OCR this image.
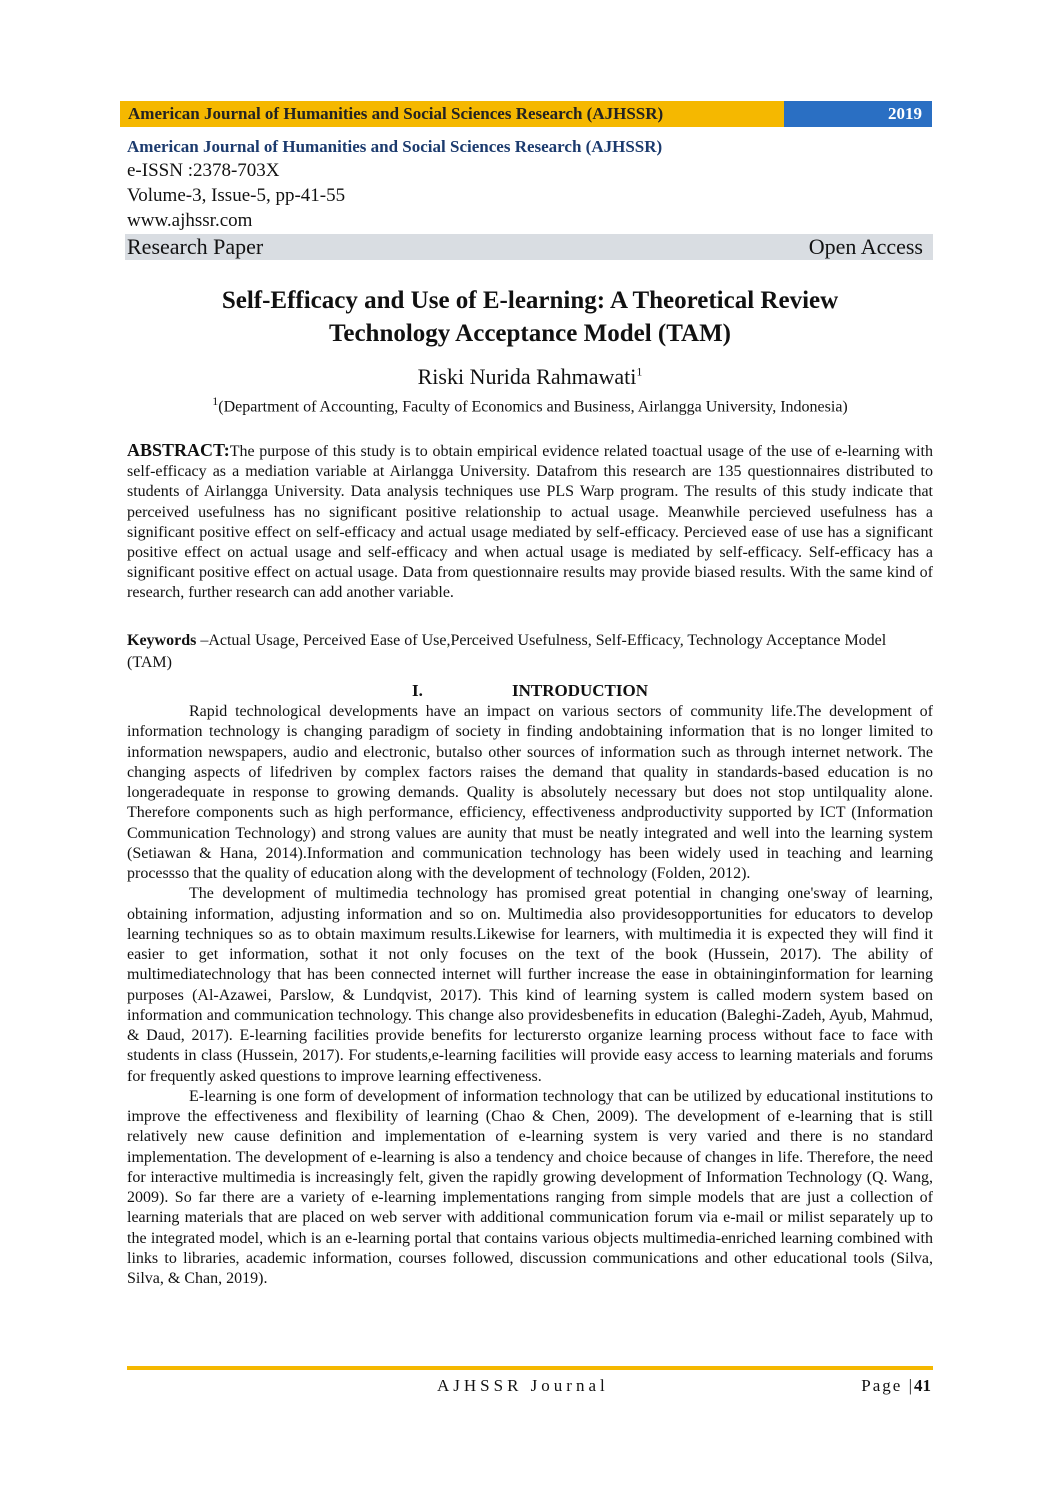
American Journal of Humanities and Social Sciences Research (AJHSSR)	2019
American Journal of Humanities and Social Sciences Research (AJHSSR)
e-ISSN :2378-703X
Volume-3, Issue-5, pp-41-55
www.ajhssr.com
Research Paper	Open Access
Self-Efficacy and Use of E-learning: A Theoretical Review
Technology Acceptance Model (TAM)
Riski Nurida Rahmawati$^1$
$^1$(Department of Accounting, Faculty of Economics and Business, Airlangga University, Indonesia)
ABSTRACT:The purpose of this study is to obtain empirical evidence related toactual usage of the use of e-learning with self-efficacy as a mediation variable at Airlangga University. Datafrom this research are 135 questionnaires distributed to students of Airlangga University. Data analysis techniques use PLS Warp program. The results of this study indicate that perceived usefulness has no significant positive relationship to actual usage. Meanwhile percieved usefulness has a significant positive effect on self-efficacy and actual usage mediated by self-efficacy. Percieved ease of use has a significant positive effect on actual usage and self-efficacy and when actual usage is mediated by self-efficacy. Self-efficacy has a significant positive effect on actual usage. Data from questionnaire results may provide biased results. With the same kind of research, further research can add another variable.
Keywords –Actual Usage, Perceived Ease of Use,Perceived Usefulness, Self-Efficacy, Technology Acceptance Model (TAM)
I.	INTRODUCTION

Rapid technological developments have an impact on various sectors of community life.The development of information technology is changing paradigm of society in finding andobtaining information that is no longer limited to information newspapers, audio and electronic, butalso other sources of information such as through internet network. The changing aspects of lifedriven by complex factors raises the demand that quality in standards-based education is no longeradequate in response to growing demands. Quality is absolutely necessary but does not stop untilquality alone. Therefore components such as high performance, efficiency, effectiveness andproductivity supported by ICT (Information Communication Technology) and strong values are aunity that must be neatly integrated and well into the learning system (Setiawan & Hana, 2014).Information and communication technology has been widely used in teaching and learning processso that the quality of education along with the development of technology (Folden, 2012).

The development of multimedia technology has promised great potential in changing one'sway of learning, obtaining information, adjusting information and so on. Multimedia also providesopportunities for educators to develop learning techniques so as to obtain maximum results.Likewise for learners, with multimedia it is expected they will find it easier to get information, sothat it not only focuses on the text of the book (Hussein, 2017). The ability of multimediatechnology that has been connected internet will further increase the ease in obtaininginformation for learning purposes (Al-Azawei, Parslow, & Lundqvist, 2017). This kind of learning system is called modern system based on information and communication technology. This change also providesbenefits in education (Baleghi-Zadeh, Ayub, Mahmud, & Daud, 2017). E-learning facilities provide benefits for lecturersto organize learning process without face to face with students in class (Hussein, 2017). For students,e-learning facilities will provide easy access to learning materials and forums for frequently asked questions to improve learning effectiveness.

E-learning is one form of development of information technology that can be utilized by educational institutions to improve the effectiveness and flexibility of learning (Chao & Chen, 2009). The development of e-learning that is still relatively new cause definition and implementation of e-learning system is very varied and there is no standard implementation. The development of e-learning is also a tendency and choice because of changes in life. Therefore, the need for interactive multimedia is increasingly felt, given the rapidly growing development of Information Technology (Q. Wang, 2009). So far there are a variety of e-learning implementations ranging from simple models that are just a collection of learning materials that are placed on web server with additional communication forum via e-mail or milist separately up to the integrated model, which is an e-learning portal that contains various objects multimedia-enriched learning combined with links to libraries, academic information, courses followed, discussion communications and other educational tools (Silva, Silva, & Chan, 2019).

AJHSSR Journal	Page |41
